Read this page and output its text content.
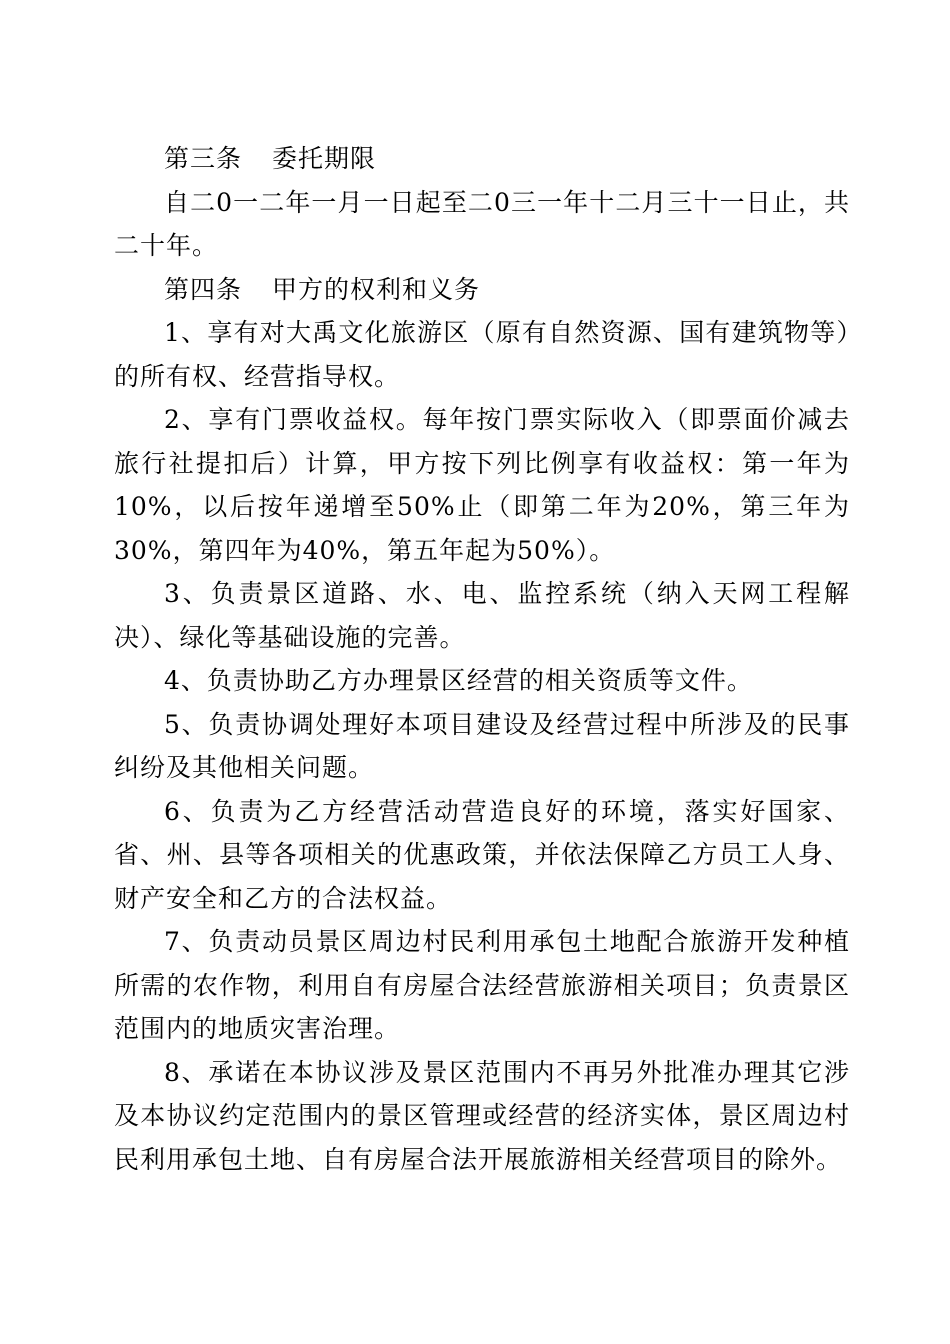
第三条 委托期限

自二0一二年一月一日起至二0三一年十二月三十一日止，共二十年。

第四条 甲方的权利和义务

1、享有对大禹文化旅游区（原有自然资源、国有建筑物等）的所有权、经营指导权。

2、享有门票收益权。每年按门票实际收入（即票面价减去旅行社提扣后）计算，甲方按下列比例享有收益权：第一年为10%，以后按年递增至50%止（即第二年为20%，第三年为30%，第四年为40%，第五年起为50%）。

3、负责景区道路、水、电、监控系统（纳入天网工程解决）、绿化等基础设施的完善。

4、负责协助乙方办理景区经营的相关资质等文件。

5、负责协调处理好本项目建设及经营过程中所涉及的民事纠纷及其他相关问题。

6、负责为乙方经营活动营造良好的环境，落实好国家、省、州、县等各项相关的优惠政策，并依法保障乙方员工人身、财产安全和乙方的合法权益。

7、负责动员景区周边村民利用承包土地配合旅游开发种植所需的农作物，利用自有房屋合法经营旅游相关项目；负责景区范围内的地质灾害治理。

8、承诺在本协议涉及景区范围内不再另外批准办理其它涉及本协议约定范围内的景区管理或经营的经济实体，景区周边村民利用承包土地、自有房屋合法开展旅游相关经营项目的除外。
